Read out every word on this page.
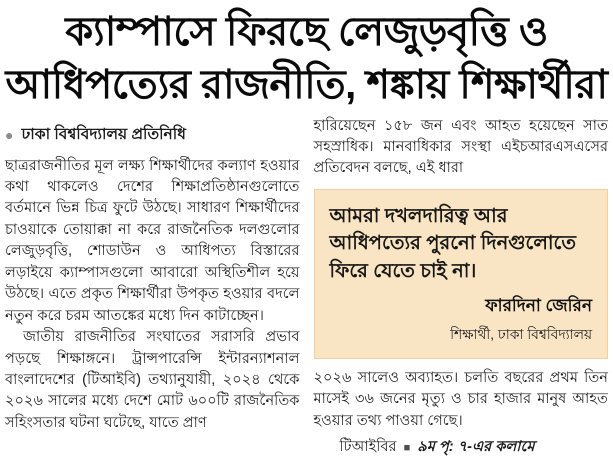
ক্যাম্পাসে ফিরছে লেজুড়বৃত্তি ও আধিপত্যের রাজনীতি, শঙ্কায় শিক্ষার্থীরা
● ঢাকা বিশ্ববিদ্যালয় প্রতিনিধি

ছাত্ররাজনীতির মূল লক্ষ্য শিক্ষার্থীদের কল্যাণ হওয়ার কথা থাকলেও দেশের শিক্ষাপ্রতিষ্ঠানগুলোতে বর্তমানে ভিন্ন চিত্র ফুটে উঠছে। সাধারণ শিক্ষার্থীদের চাওয়াকে তোয়াক্কা না করে রাজনৈতিক দলগুলোর লেজুড়বৃত্তি, শোডাউন ও আধিপত্য বিস্তারের লড়াইয়ে ক্যাম্পাসগুলো আবারো অস্থিতিশীল হয়ে উঠছে। এতে প্রকৃত শিক্ষার্থীরা উপকৃত হওয়ার বদলে নতুন করে চরম আতঙ্কের মধ্যে দিন কাটাচ্ছেন।

জাতীয় রাজনীতির সংঘাতের সরাসরি প্রভাব পড়ছে শিক্ষাঙ্গনে। ট্রান্সপারেন্সি ইন্টারন্যাশনাল বাংলাদেশের (টিআইবি) তথ্যানুযায়ী, ২০২৪ থেকে ২০২৬ সালের মধ্যে দেশে মোট ৬০০টি রাজনৈতিক সহিংসতার ঘটনা ঘটেছে, যাতে প্রাণ

হারিয়েছেন ১৫৮ জন এবং আহত হয়েছেন সাত সহস্রাধিক। মানবাধিকার সংস্থা এইচআরএসএসের প্রতিবেদন বলছে, এই ধারা

আমরা দখলদারিত্ব আর আধিপত্যের পুরনো দিনগুলোতে ফিরে যেতে চাই না।

ফারদিনা জেরিন
শিক্ষার্থী, ঢাকা বিশ্ববিদ্যালয়

২০২৬ সালেও অব্যাহত। চলতি বছরের প্রথম তিন মাসেই ৩৬ জনের মৃত্যু ও চার হাজার মানুষ আহত হওয়ার তথ্য পাওয়া গেছে।

টিআইবির ■ ৯ম পৃ: ৭-এর কলামে
